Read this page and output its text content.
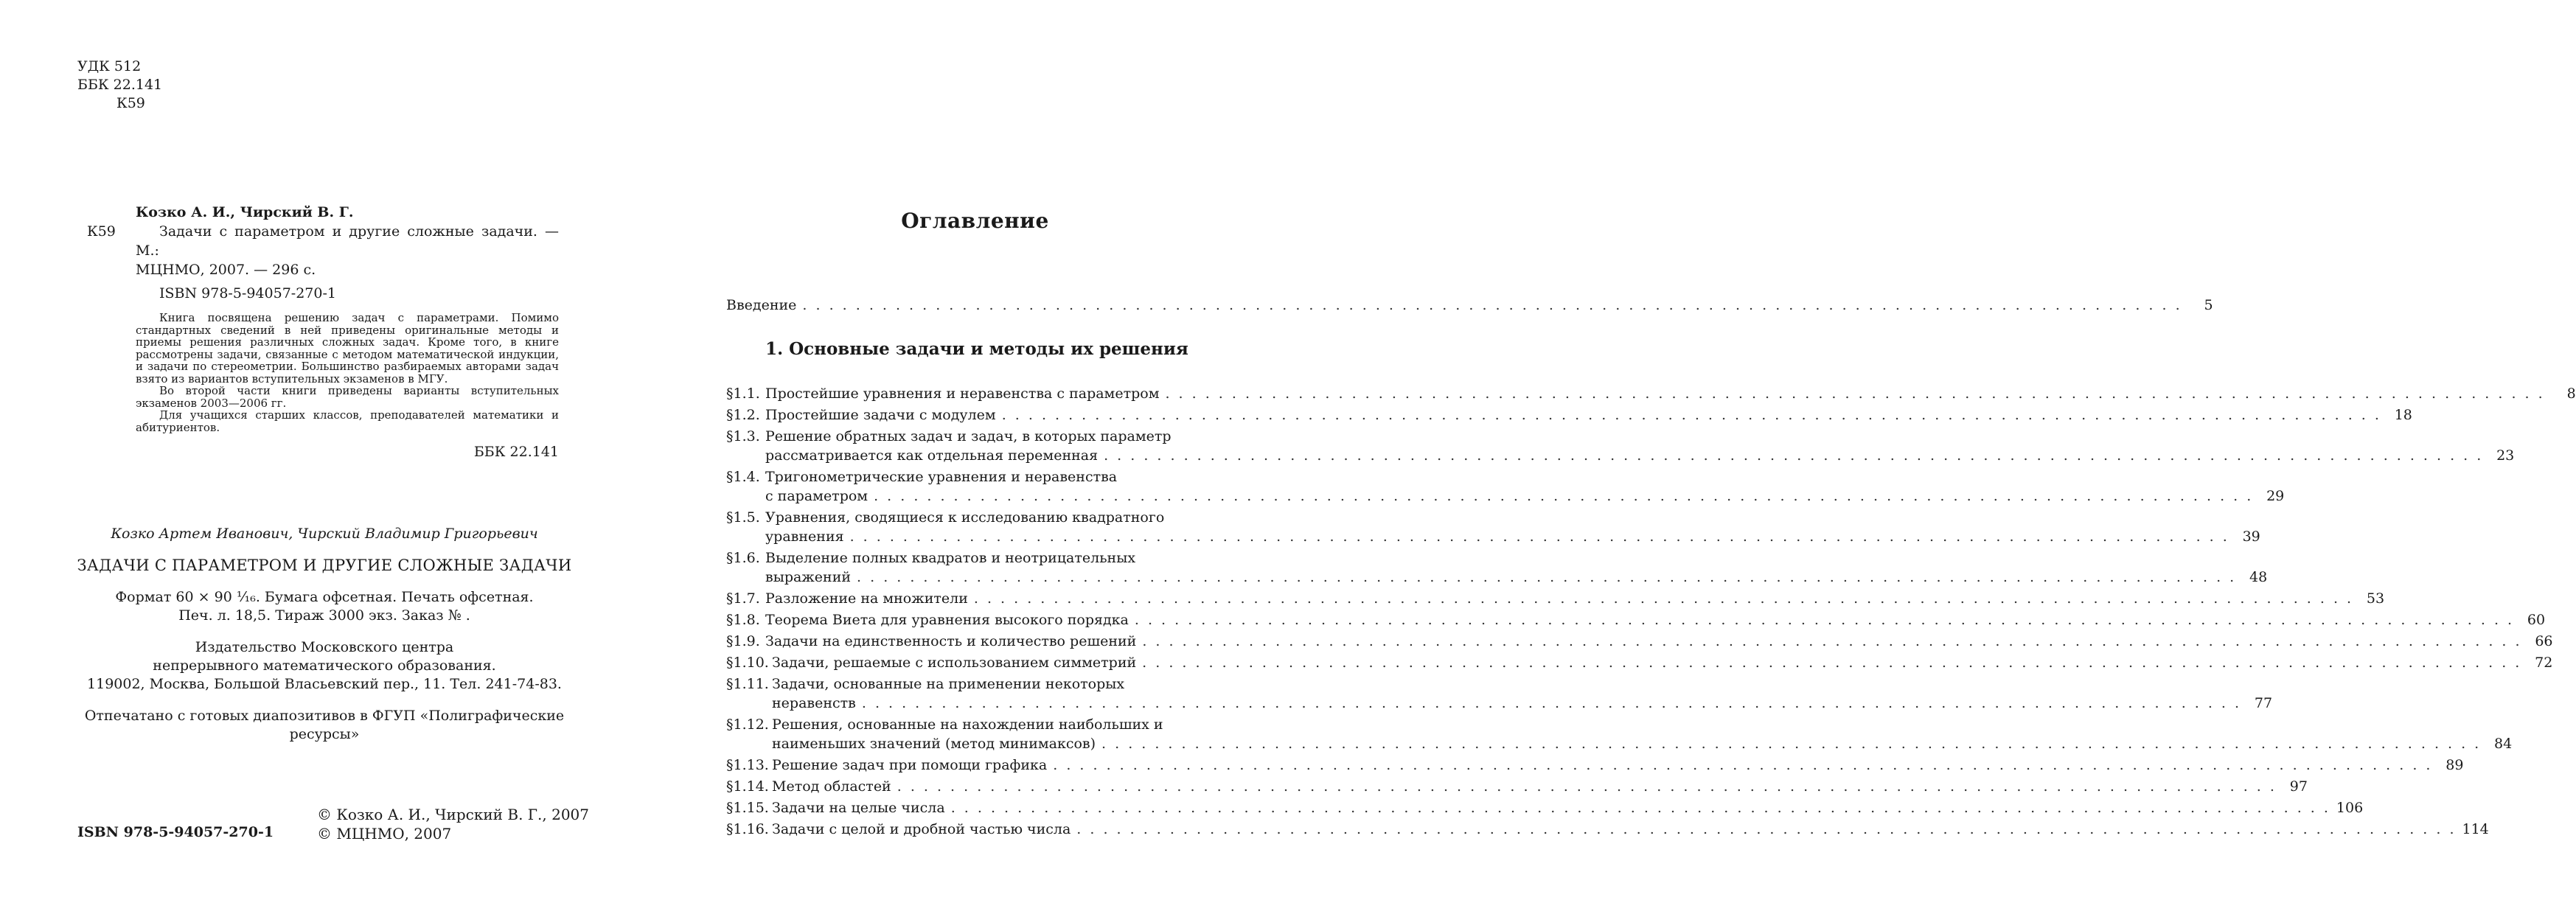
УДК 512
ББК 22.141
К59
Козко А. И., Чирский В. Г.
К59	Задачи с параметром и другие сложные задачи. — М.:
МЦНМО, 2007. — 296 с.
ISBN 978-5-94057-270-1

Книга посвящена решению задач с параметрами. Помимо стандартных сведений в ней приведены оригинальные методы и приемы решения различных сложных задач. Кроме того, в книге рассмотрены задачи, связанные с методом математической индукции, и задачи по стереометрии. Большинство разбираемых авторами задач взято из вариантов вступительных экзаменов в МГУ.

Во второй части книги приведены варианты вступительных экзаменов 2003—2006 гг.

Для учащихся старших классов, преподавателей математики и абитуриентов.

ББК 22.141
Козко Артем Иванович, Чирский Владимир Григорьевич
ЗАДАЧИ С ПАРАМЕТРОМ И ДРУГИЕ СЛОЖНЫЕ ЗАДАЧИ
Формат 60 × 90 ¹⁄₁₆. Бумага офсетная. Печать офсетная.
Печ. л. 18,5. Тираж 3000 экз. Заказ № .
Издательство Московского центра
непрерывного математического образования.
119002, Москва, Большой Власьевский пер., 11. Тел. 241-74-83.
Отпечатано с готовых диапозитивов в ФГУП «Полиграфические ресурсы»
ISBN 978-5-94057-270-1
© Козко А. И., Чирский В. Г., 2007
© МЦНМО, 2007
Оглавление
Введение . . .	5
1. Основные задачи и методы их решения
§1.1. Простейшие уравнения и неравенства с параметром . . .	8
§1.2. Простейшие задачи с модулем . . .	18
§1.3. Решение обратных задач и задач, в которых параметр
рассматривается как отдельная переменная . . .	23
§1.4. Тригонометрические уравнения и неравенства
с параметром . . .	29
§1.5. Уравнения, сводящиеся к исследованию квадратного
уравнения . . .	39
§1.6. Выделение полных квадратов и неотрицательных
выражений . . .	48
§1.7. Разложение на множители . . .	53
§1.8. Теорема Виета для уравнения высокого порядка . . .	60
§1.9. Задачи на единственность и количество решений . . .	66
§1.10. Задачи, решаемые с использованием симметрий . . .	72
§1.11. Задачи, основанные на применении некоторых
неравенств . . .	77
§1.12. Решения, основанные на нахождении наибольших и
наименьших значений (метод минимаксов) . . .	84
§1.13. Решение задач при помощи графика . . .	89
§1.14. Метод областей . . .	97
§1.15. Задачи на целые числа . . .	106
§1.16. Задачи с целой и дробной частью числа . . .	114
